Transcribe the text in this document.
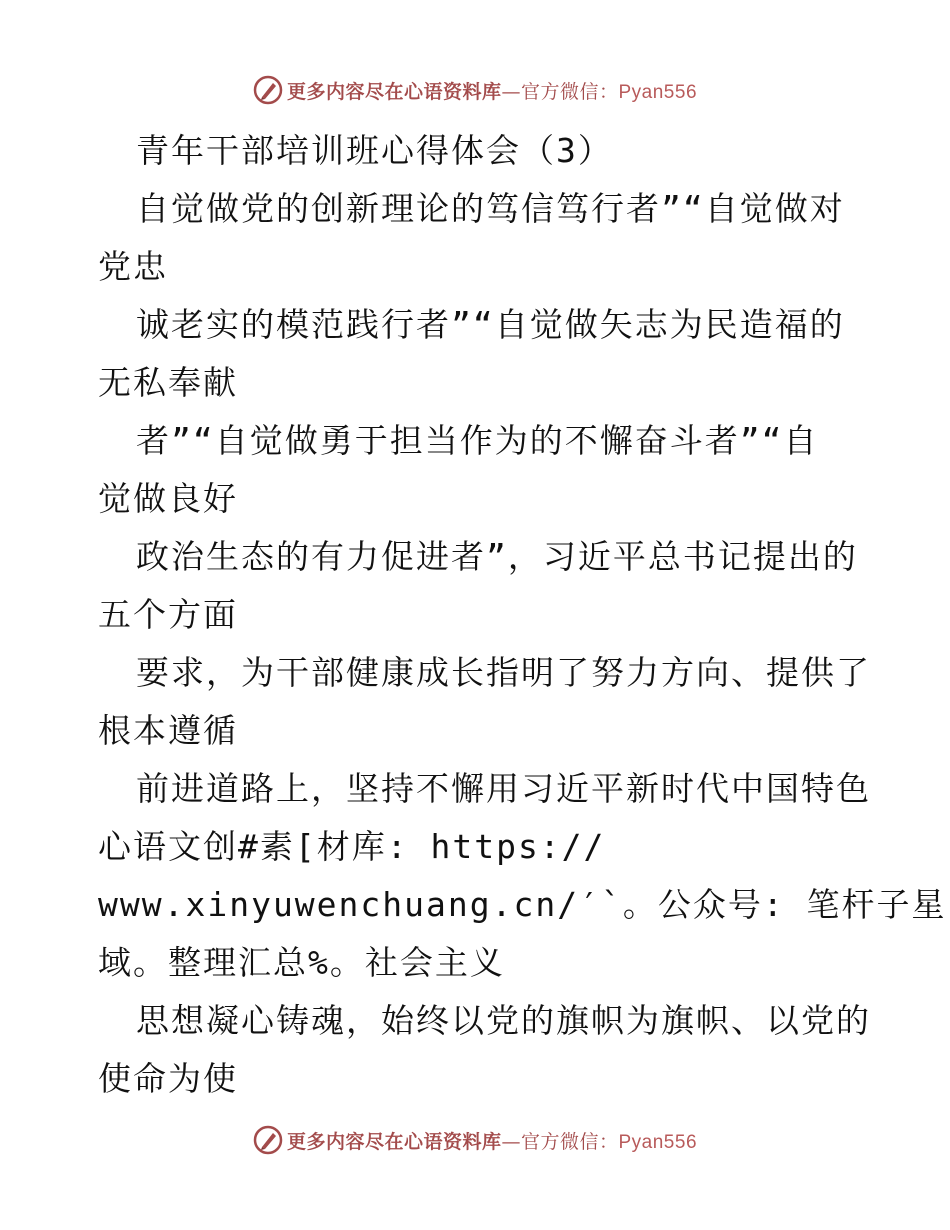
更多内容尽在心语资料库—官方微信：Pyan556
青年干部培训班心得体会（3）
自觉做党的创新理论的笃信笃行者”“自觉做对
党忠
诚老实的模范践行者”“自觉做矢志为民造福的
无私奉献
者”“自觉做勇于担当作为的不懈奋斗者”“自
觉做良好
政治生态的有力促进者”，习近平总书记提出的
五个方面
要求，为干部健康成长指明了努力方向、提供了
根本遵循
前进道路上，坚持不懈用习近平新时代中国特色
心语文创#素[材库: https://
www.xinyuwenchuang.cn/′`。公众号: 笔杆子星
域。整理汇总%。社会主义
思想凝心铸魂，始终以党的旗帜为旗帜、以党的
使命为使
更多内容尽在心语资料库—官方微信：Pyan556
